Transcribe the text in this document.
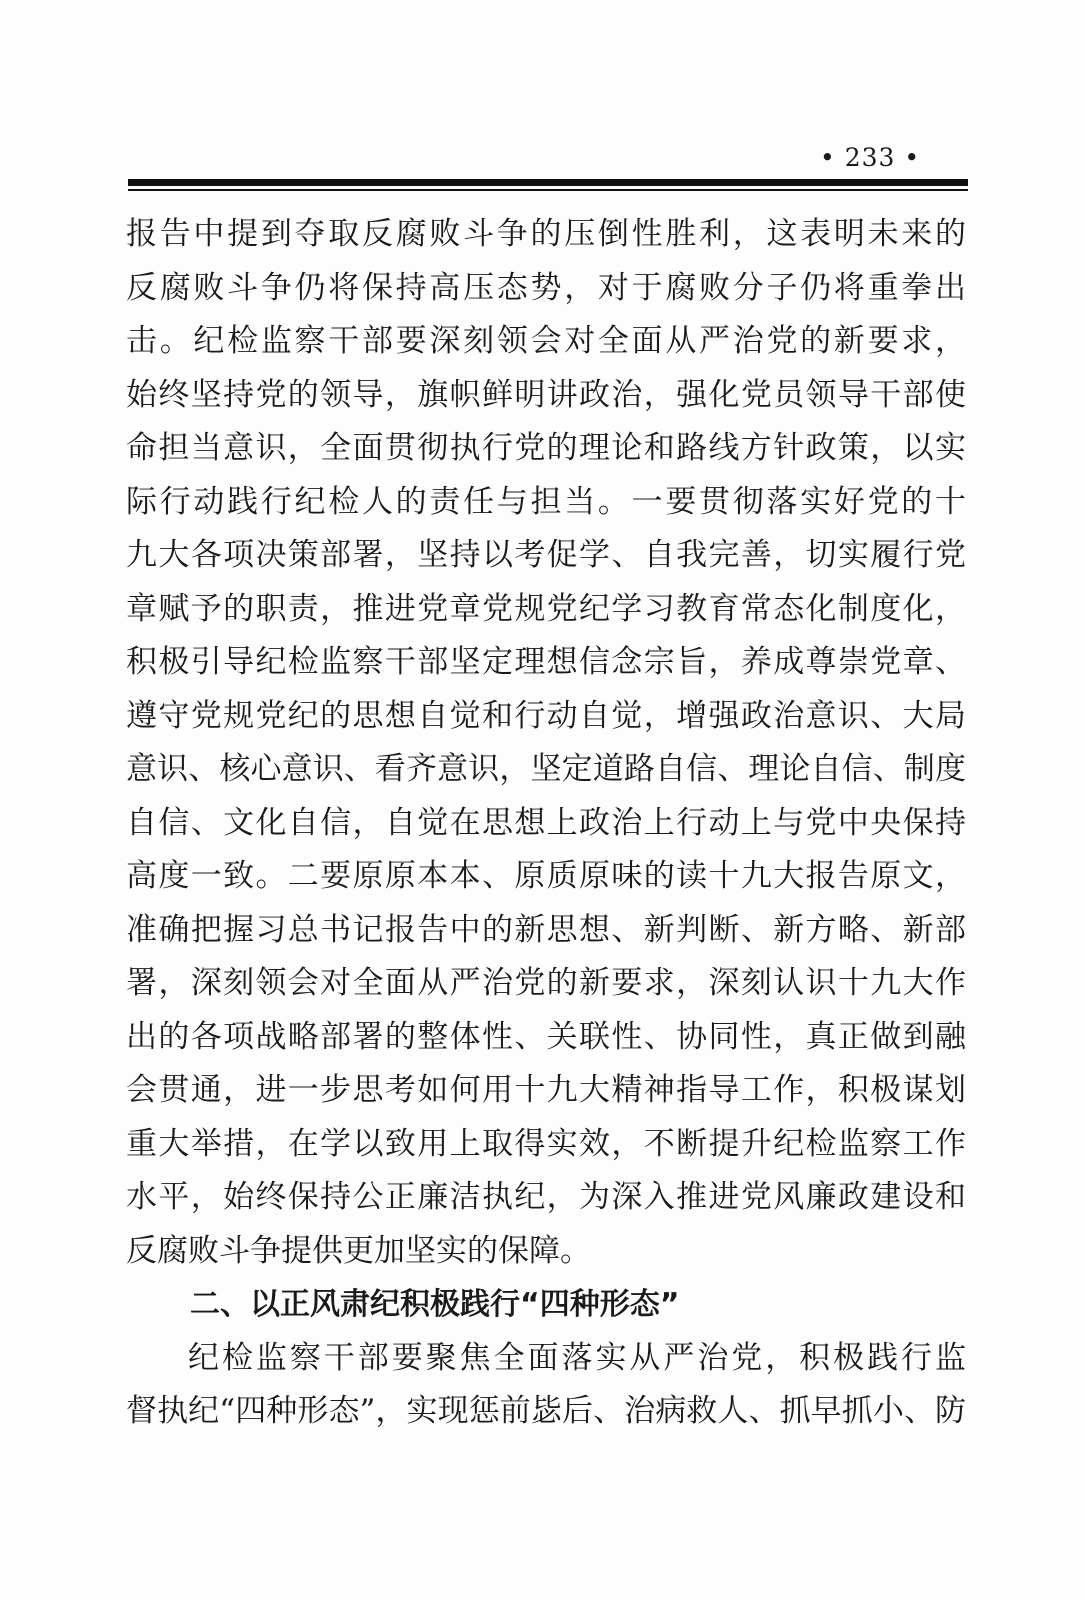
• 233 •
报告中提到夺取反腐败斗争的压倒性胜利，这表明未来的
反腐败斗争仍将保持高压态势，对于腐败分子仍将重拳出
击。纪检监察干部要深刻领会对全面从严治党的新要求，
始终坚持党的领导，旗帜鲜明讲政治，强化党员领导干部使
命担当意识，全面贯彻执行党的理论和路线方针政策，以实
际行动践行纪检人的责任与担当。一要贯彻落实好党的十
九大各项决策部署，坚持以考促学、自我完善，切实履行党
章赋予的职责，推进党章党规党纪学习教育常态化制度化，
积极引导纪检监察干部坚定理想信念宗旨，养成尊崇党章、
遵守党规党纪的思想自觉和行动自觉，增强政治意识、大局
意识、核心意识、看齐意识，坚定道路自信、理论自信、制度
自信、文化自信，自觉在思想上政治上行动上与党中央保持
高度一致。二要原原本本、原质原味的读十九大报告原文，
准确把握习总书记报告中的新思想、新判断、新方略、新部
署，深刻领会对全面从严治党的新要求，深刻认识十九大作
出的各项战略部署的整体性、关联性、协同性，真正做到融
会贯通，进一步思考如何用十九大精神指导工作，积极谋划
重大举措，在学以致用上取得实效，不断提升纪检监察工作
水平，始终保持公正廉洁执纪，为深入推进党风廉政建设和
反腐败斗争提供更加坚实的保障。
二、以正风肃纪积极践行“四种形态”
纪检监察干部要聚焦全面落实从严治党，积极践行监
督执纪“四种形态”，实现惩前毖后、治病救人、抓早抓小、防
